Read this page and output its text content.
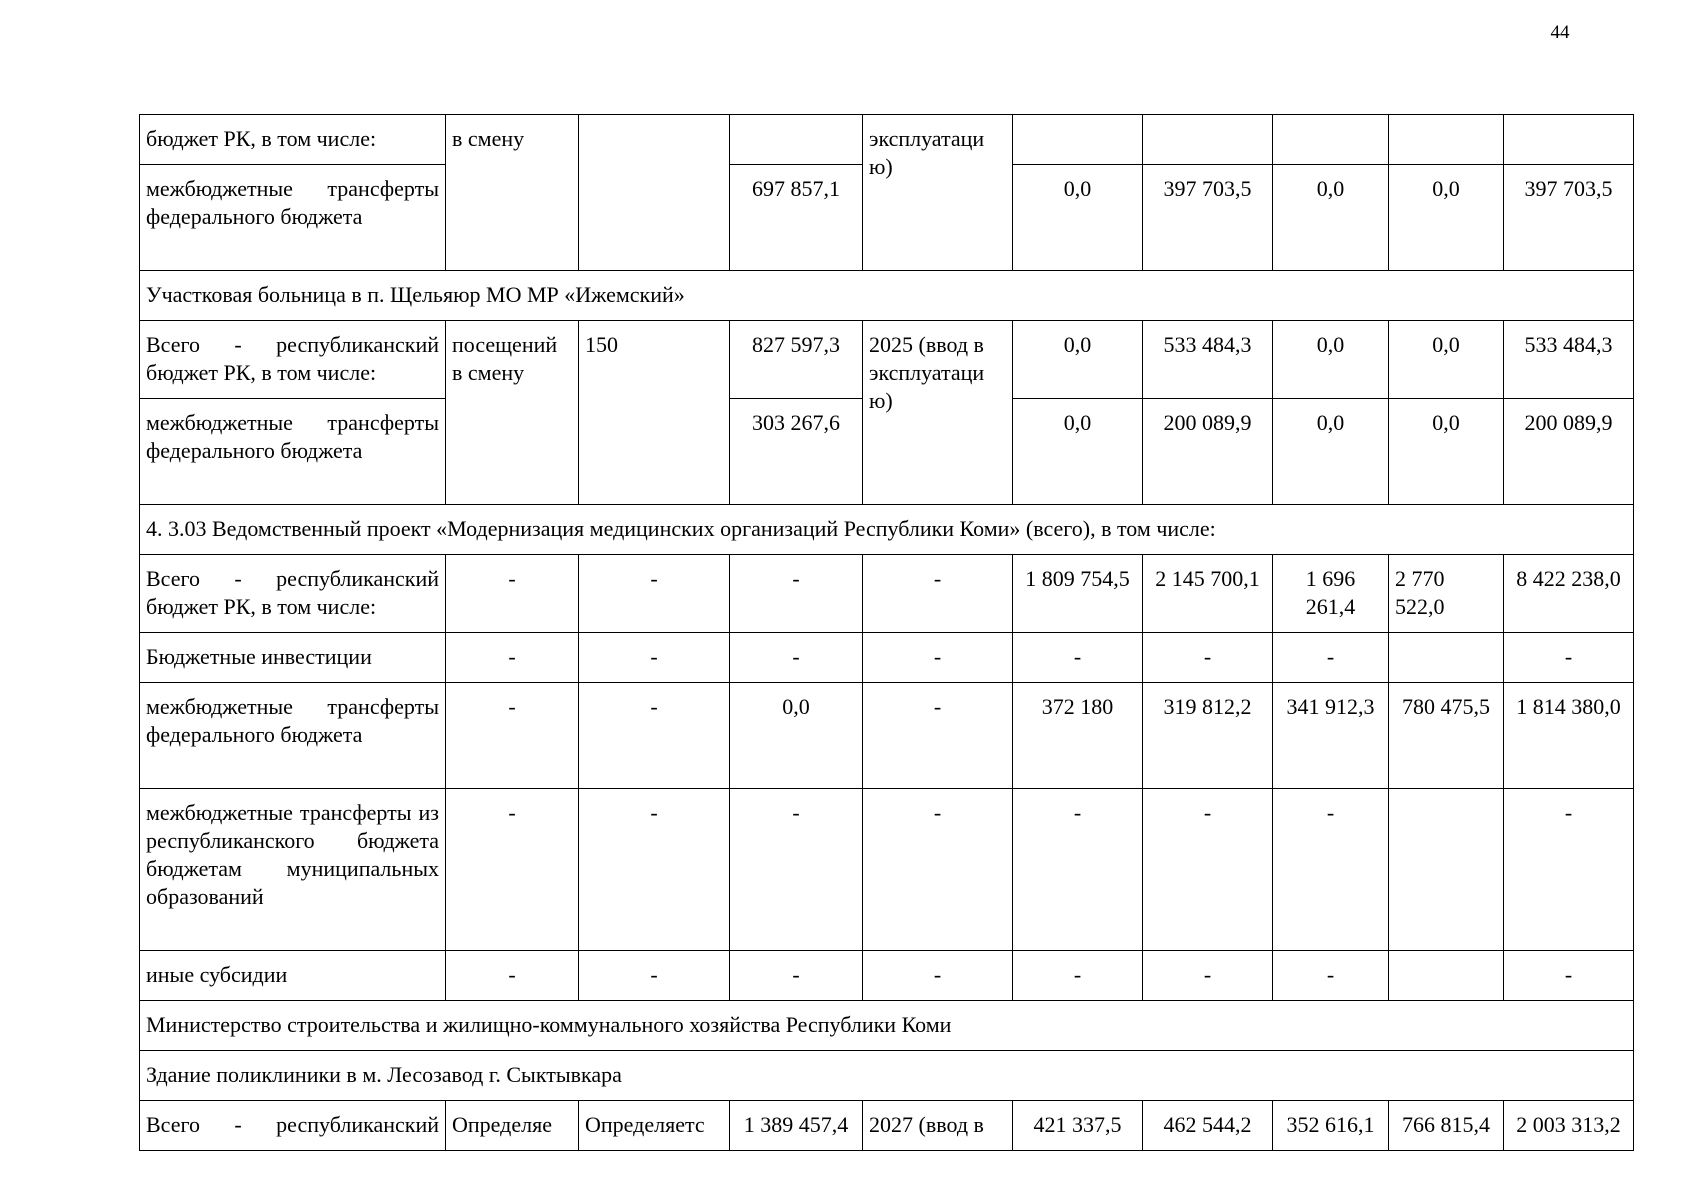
44
бюджет РК, в том числе:	в смену			эксплуатаци ю)					
межбюджетные трансферты федерального бюджета			697 857,1		0,0	397 703,5	0,0	0,0	397 703,5
Участковая больница в п. Щельяюр МО МР «Ижемский»									
Всего - республиканский бюджет РК, в том числе:	посещений в смену	150	827 597,3	2025 (ввод в эксплуатаци ю)	0,0	533 484,3	0,0	0,0	533 484,3
межбюджетные трансферты федерального бюджета			303 267,6		0,0	200 089,9	0,0	0,0	200 089,9
4. 3.03 Ведомственный проект «Модернизация медицинских организаций Республики Коми» (всего), в том числе:									
Всего - республиканский бюджет РК, в том числе:	-	-	-	-	1 809 754,5	2 145 700,1	1 696 261,4	2 770 522,0	8 422 238,0
Бюджетные инвестиции	-	-	-	-	-	-	-		-
межбюджетные трансферты федерального бюджета	-	-	0,0	-	372 180	319 812,2	341 912,3	780 475,5	1 814 380,0
межбюджетные трансферты из республиканского бюджета бюджетам муниципальных образований	-	-	-	-	-	-	-		-
иные субсидии	-	-	-	-	-	-	-		-
Министерство строительства и жилищно-коммунального хозяйства Республики Коми									
Здание поликлиники в м. Лесозавод г. Сыктывкара									
Всего - республиканский	Определяе	Определяетс	1 389 457,4	2027 (ввод в	421 337,5	462 544,2	352 616,1	766 815,4	2 003 313,2
